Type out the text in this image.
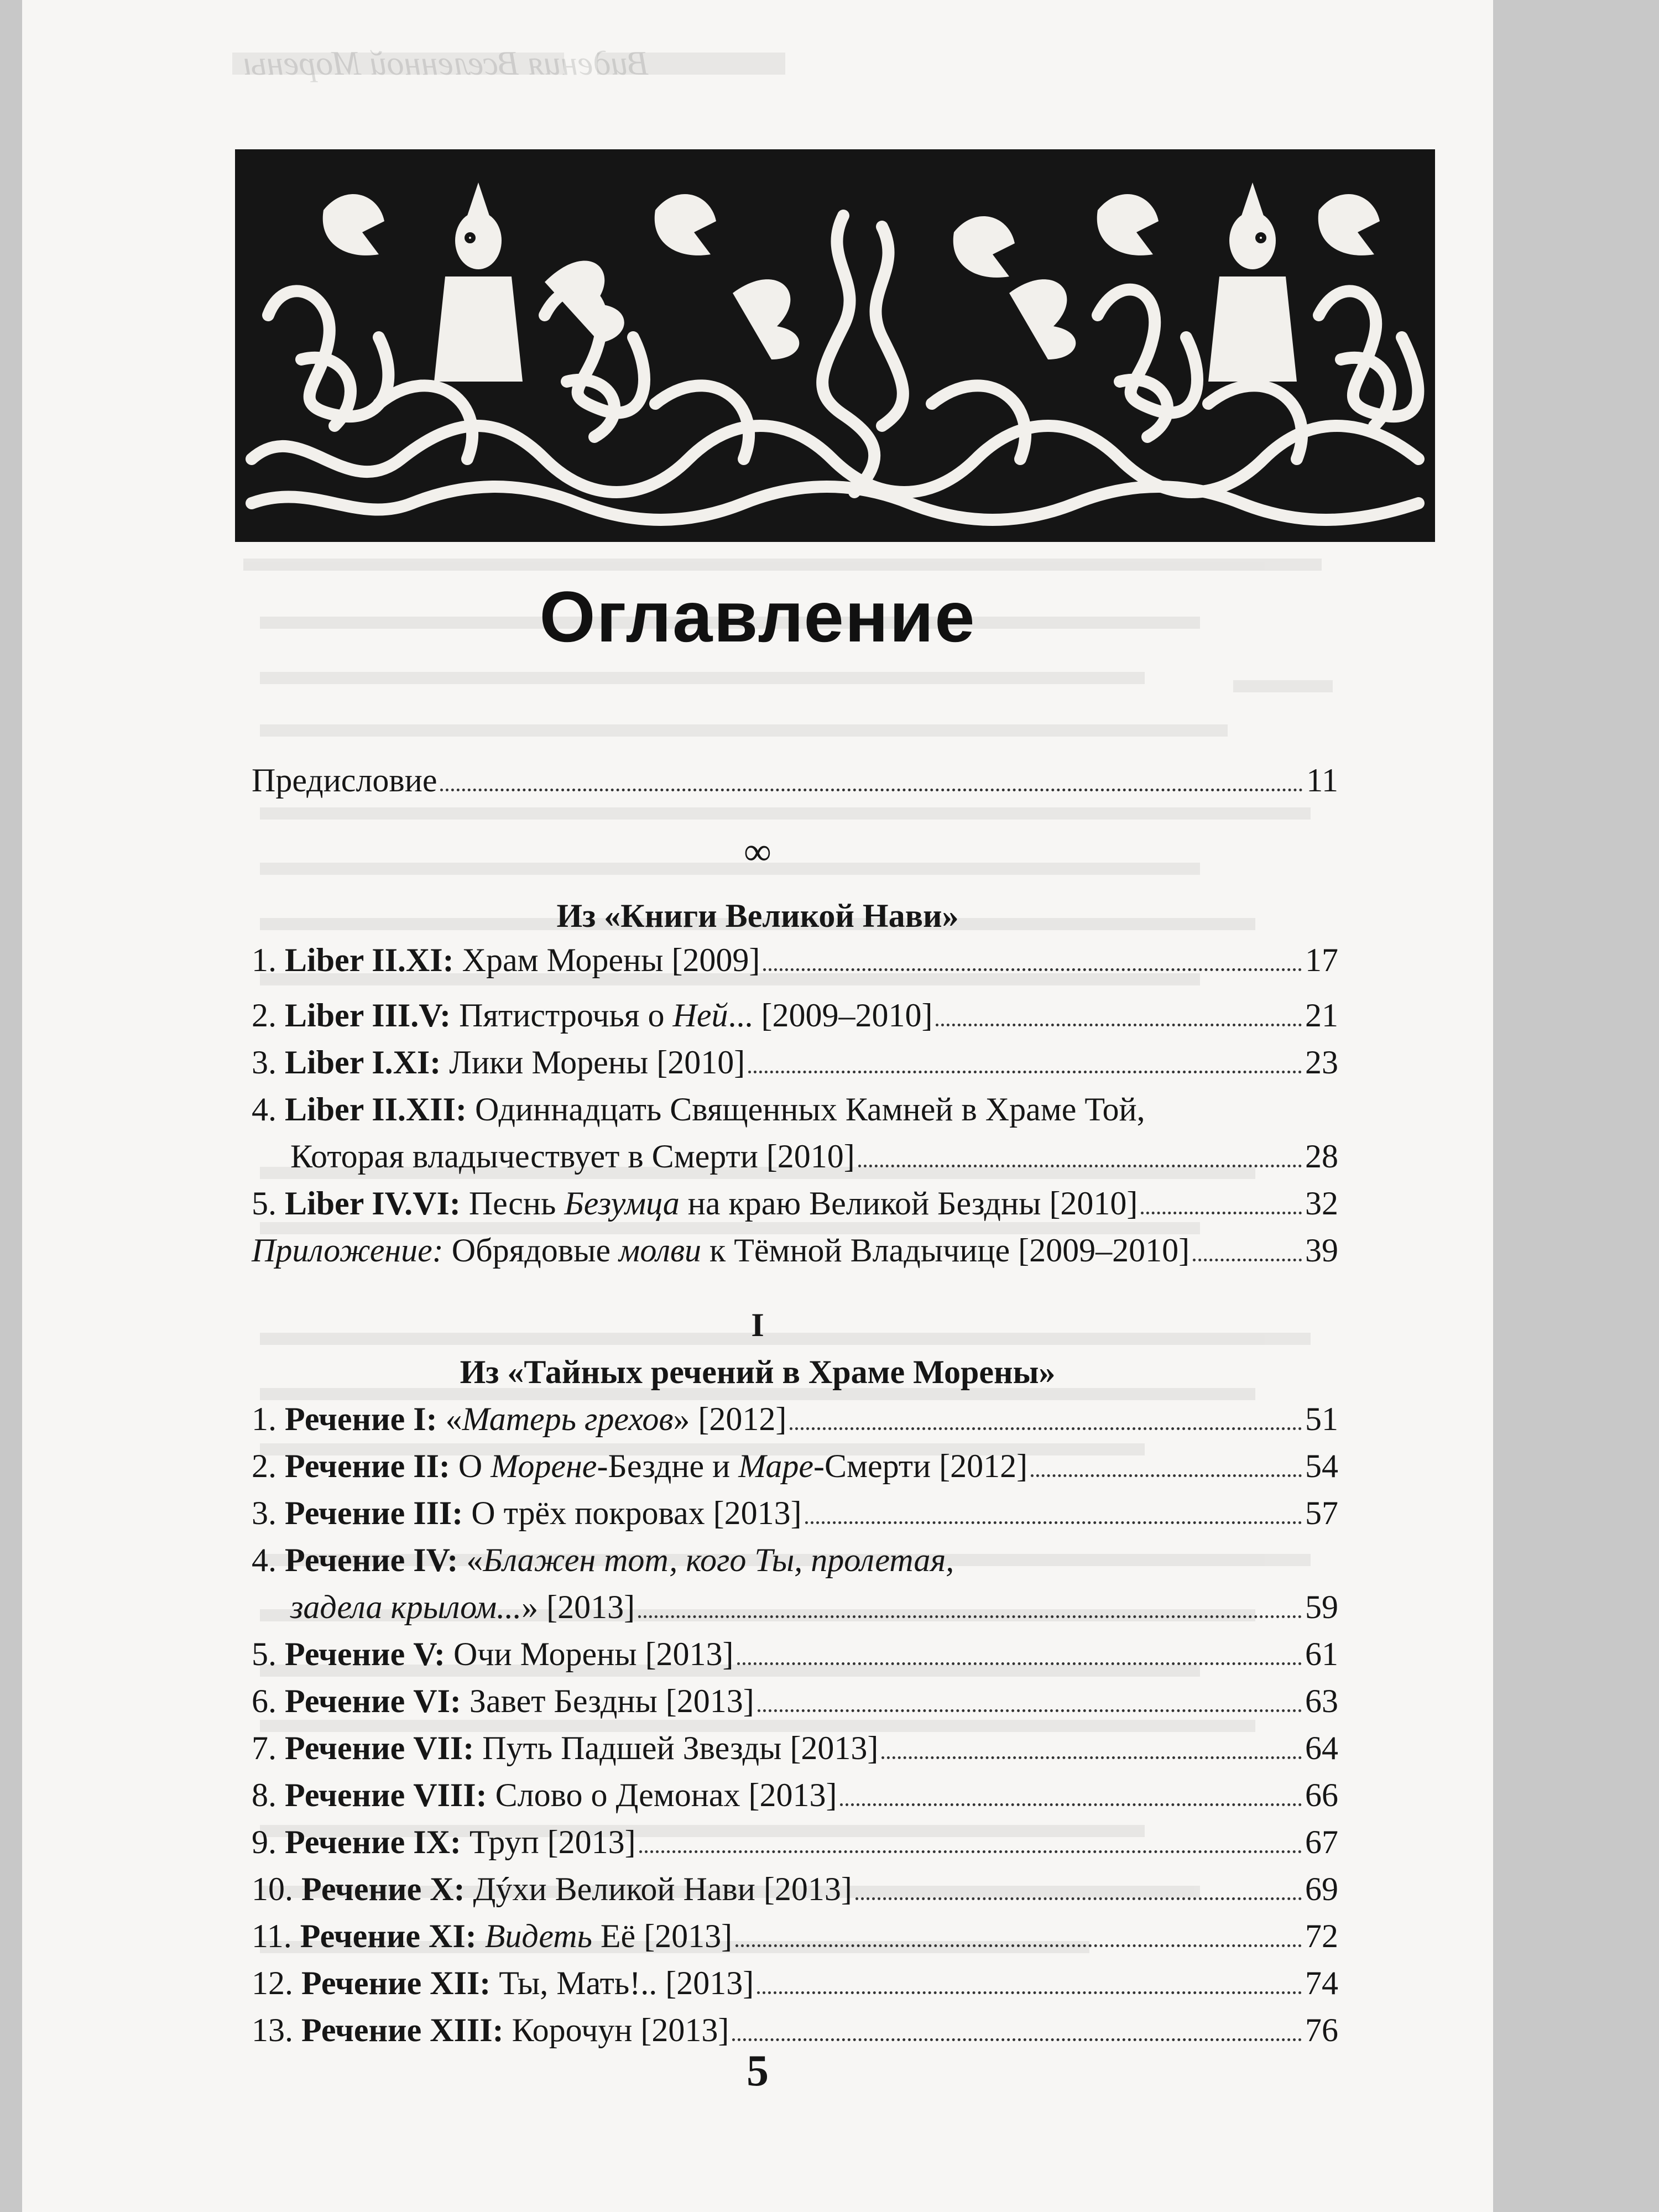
Видения Вселенной Морены
Оглавление
Предисловие	11
∞
Из «Книги Великой Нави»
1. Liber II.XI: Храм Морены [2009]	17
2. Liber III.V: Пятистрочья о Ней... [2009–2010]	21
3. Liber I.XI: Лики Морены [2010]	23
4. Liber II.XII: Одиннадцать Священных Камней в Храме Той,
Которая владычествует в Смерти [2010]	28
5. Liber IV.VI: Песнь Безумца на краю Великой Бездны [2010]	32
Приложение: Обрядовые молви к Тёмной Владычице [2009–2010]	39
I
Из «Тайных речений в Храме Морены»
1. Речение I: «Матерь грехов» [2012]	51
2. Речение II: О Морене-Бездне и Маре-Смерти [2012]	54
3. Речение III: О трёх покровах [2013]	57
4. Речение IV: «Блажен тот, кого Ты, пролетая,
задела крылом...» [2013]	59
5. Речение V: Очи Морены [2013]	61
6. Речение VI: Завет Бездны [2013]	63
7. Речение VII: Путь Падшей Звезды [2013]	64
8. Речение VIII: Слово о Демонах [2013]	66
9. Речение IX: Труп [2013]	67
10. Речение X: Дýхи Великой Нави [2013]	69
11. Речение XI: Видеть Её [2013]	72
12. Речение XII: Ты, Мать!.. [2013]	74
13. Речение XIII: Корочун [2013]	76
5
